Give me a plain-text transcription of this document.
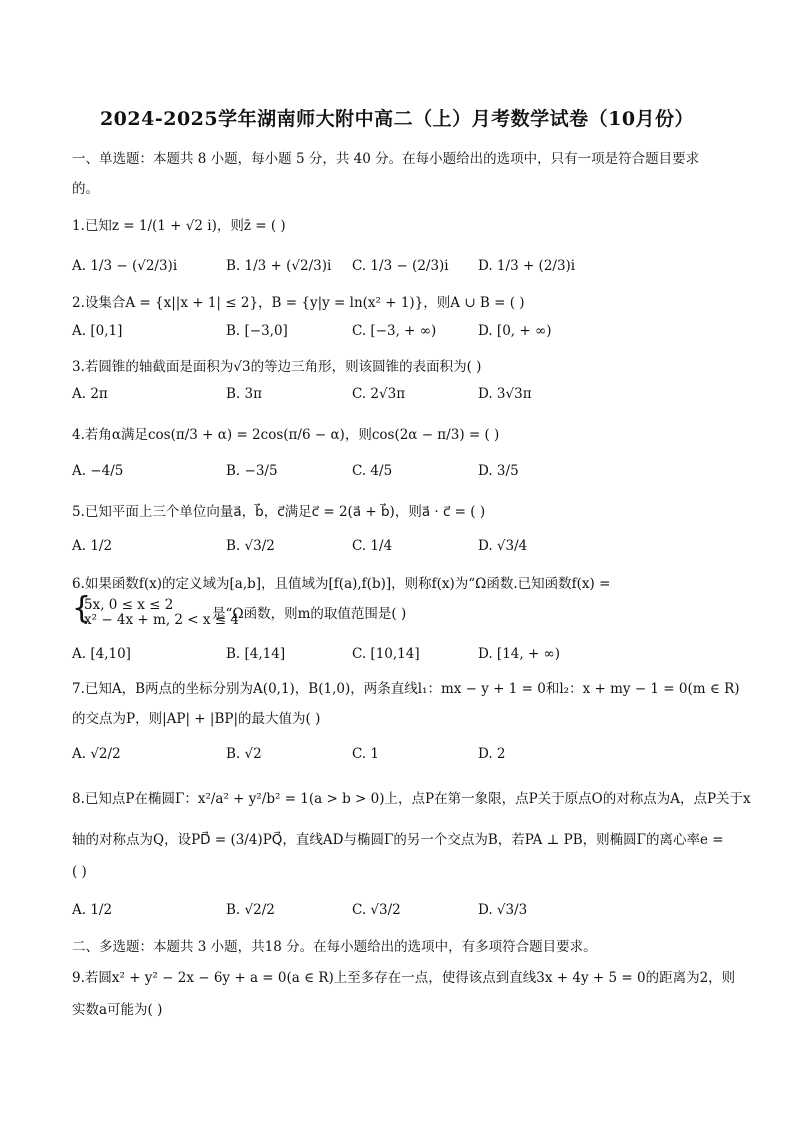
2024-2025学年湖南师大附中高二（上）月考数学试卷（10月份）
一、单选题：本题共 8 小题，每小题 5 分，共 40 分。在每小题给出的选项中，只有一项是符合题目要求
的。
1.已知z = 1/(1 + √2 i)，则z̄ = ( )
A. 1/3 − (√2/3)i	B. 1/3 + (√2/3)i C. 1/3 − (2/3)i D. 1/3 + (2/3)i
2.设集合A = {x||x + 1| ≤ 2}，B = {y|y = ln(x² + 1)}，则A ∪ B = ( )
A. [0,1]	B. [−3,0]	C. [−3, + ∞)	D. [0, + ∞)
3.若圆锥的轴截面是面积为√3的等边三角形，则该圆锥的表面积为( )
A. 2π	B. 3π	C. 2√3π	D. 3√3π
4.若角α满足cos(π/3 + α) = 2cos(π/6 − α)，则cos(2α − π/3) = ( )
A. −4/5	B. −3/5	C. 4/5	D. 3/5
5.已知平面上三个单位向量a⃗，b⃗，c⃗满足c⃗ = 2(a⃗ + b⃗)，则a⃗ · c⃗ = ( )
A. 1/2	B. √3/2	C. 1/4	D. √3/4
6.如果函数f(x)的定义域为[a,b]，且值域为[f(a),f(b)]，则称f(x)为“Ω函数.已知函数f(x) =
{
5x, 0 ≤ x ≤ 2
x² − 4x + m, 2 < x ≤ 4
是“Ω函数，则m的取值范围是( )
A. [4,10]	B. [4,14]	C. [10,14]	D. [14, + ∞)
7.已知A，B两点的坐标分别为A(0,1)，B(1,0)，两条直线l₁：mx − y + 1 = 0和l₂：x + my − 1 = 0(m ∈ R)
的交点为P，则|AP| + |BP|的最大值为( )
A. √2/2	B. √2	C. 1	D. 2
8.已知点P在椭圆Γ：x²/a² + y²/b² = 1(a > b > 0)上，点P在第一象限，点P关于原点O的对称点为A，点P关于x
轴的对称点为Q，设PD⃗ = (3/4)PQ⃗，直线AD与椭圆Γ的另一个交点为B，若PA ⊥ PB，则椭圆Γ的离心率e =
( )
A. 1/2	B. √2/2	C. √3/2	D. √3/3
二、多选题：本题共 3 小题，共18 分。在每小题给出的选项中，有多项符合题目要求。
9.若圆x² + y² − 2x − 6y + a = 0(a ∈ R)上至多存在一点，使得该点到直线3x + 4y + 5 = 0的距离为2，则
实数a可能为( )
